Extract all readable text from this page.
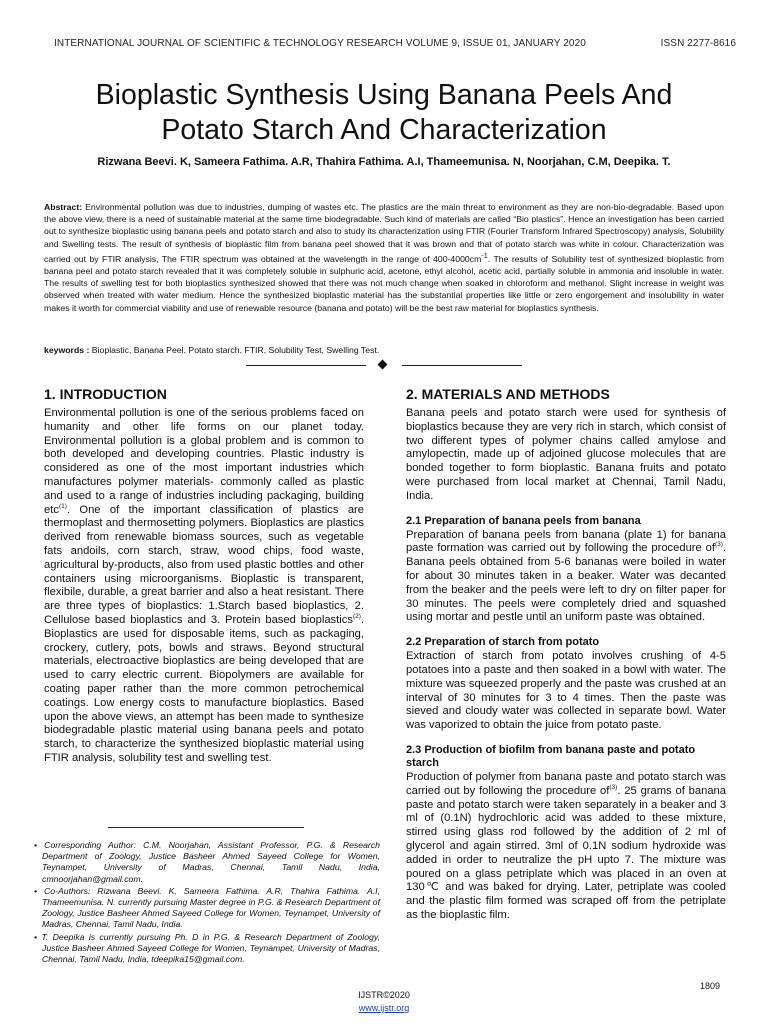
INTERNATIONAL JOURNAL OF SCIENTIFIC & TECHNOLOGY RESEARCH VOLUME 9, ISSUE 01, JANUARY 2020	ISSN 2277-8616
Bioplastic Synthesis Using Banana Peels And
Potato Starch And Characterization
Rizwana Beevi. K, Sameera Fathima. A.R, Thahira Fathima. A.I, Thameemunisa. N, Noorjahan, C.M, Deepika. T.
Abstract: Environmental pollution was due to industries, dumping of wastes etc. The plastics are the main threat to environment as they are non-bio-degradable. Based upon the above view, there is a need of sustainable material at the same time biodegradable. Such kind of materials are called “Bio plastics”. Hence an investigation has been carried out to synthesize bioplastic using banana peels and potato starch and also to study its characterization using FTIR (Fourier Transform Infrared Spectroscopy) analysis, Solubility and Swelling tests. The result of synthesis of bioplastic film from banana peel showed that it was brown and that of potato starch was white in colour. Characterization was carried out by FTIR analysis, The FTIR spectrum was obtained at the wavelength in the range of $400-4000cm^{-1}$. The results of Solubility test of synthesized bioplastic from banana peel and potato starch revealed that it was completely soluble in sulphuric acid, acetone, ethyl alcohol, acetic acid, partially soluble in ammonia and insoluble in water. The results of swelling test for both bioplastics synthesized showed that there was not much change when soaked in chloroform and methanol. Slight increase in weight was observed when treated with water medium. Hence the synthesized bioplastic material has the substantial properties like little or zero engorgement and insolubility in water makes it worth for commercial viability and use of renewable resource (banana and potato) will be the best raw material for bioplastics synthesis.
keywords : Bioplastic, Banana Peel, Potato starch, FTIR, Solubility Test, Swelling Test.
1. INTRODUCTION

Environmental pollution is one of the serious problems faced on humanity and other life forms on our planet today. Environmental pollution is a global problem and is common to both developed and developing countries. Plastic industry is considered as one of the most important industries which manufactures polymer materials- commonly called as plastic and used to a range of industries including packaging, building etc$^{(1)}$. One of the important classification of plastics are thermoplast and thermosetting polymers. Bioplastics are plastics derived from renewable biomass sources, such as vegetable fats andoils, corn starch, straw, wood chips, food waste, agricultural by-products, also from used plastic bottles and other containers using microorganisms. Bioplastic is transparent, flexibile, durable, a great barrier and also a heat resistant. There are three types of bioplastics: 1.Starch based bioplastics, 2. Cellulose based bioplastics and 3. Protein based bioplastics$^{(2)}$. Bioplastics are used for disposable items, such as packaging, crockery, cutlery, pots, bowls and straws. Beyond structural materials, electroactive bioplastics are being developed that are used to carry electric current. Biopolymers are available for coating paper rather than the more common petrochemical coatings. Low energy costs to manufacture bioplastics. Based upon the above views, an attempt has been made to synthesize biodegradable plastic material using banana peels and potato starch, to characterize the synthesized bioplastic material using FTIR analysis, solubility test and swelling test.

2. MATERIALS AND METHODS

Banana peels and potato starch were used for synthesis of bioplastics because they are very rich in starch, which consist of two different types of polymer chains called amylose and amylopectin, made up of adjoined glucose molecules that are bonded together to form bioplastic. Banana fruits and potato were purchased from local market at Chennai, Tamil Nadu, India.

2.1 Preparation of banana peels from banana

Preparation of banana peels from banana (plate 1) for banana paste formation was carried out by following the procedure $of^{(3)}$. Banana peels obtained from 5-6 bananas were boiled in water for about 30 minutes taken in a beaker. Water was decanted from the beaker and the peels were left to dry on filter paper for 30 minutes. The peels were completely dried and squashed using mortar and pestle until an uniform paste was obtained.

2.2 Preparation of starch from potato

Extraction of starch from potato involves crushing of 4-5 potatoes into a paste and then soaked in a bowl with water. The mixture was squeezed properly and the paste was crushed at an interval of 30 minutes for 3 to 4 times. Then the paste was sieved and cloudy water was collected in separate bowl. Water was vaporized to obtain the juice from potato paste.

2.3 Production of biofilm from banana paste and potato starch

Production of polymer from banana paste and potato starch was carried out by following the procedure $of^{(3)}$. 25 grams of banana paste and potato starch were taken separately in a beaker and 3 ml of (0.1N) hydrochloric acid was added to these mixture, stirred using glass rod followed by the addition of 2 ml of glycerol and again stirred. 3ml of 0.1N sodium hydroxide was added in order to neutralize the pH upto 7. The mixture was poured on a glass petriplate which was placed in an oven at 130℃ and was baked for drying. Later, petriplate was cooled and the plastic film formed was scraped off from the petriplate as the bioplastic film.

• Corresponding Author: C.M. Noorjahan, Assistant Professor, P.G. & Research Department of Zoology, Justice Basheer Ahmed Sayeed College for Women, Teynampet, University of Madras, Chennai, Tamil Nadu, India, cmnoorjahan@gmail.com.
• Co-Authors: Rizwana Beevi. K, Sameera Fathima. A.R, Thahira Fathima. A.I, Thameemunisa. N. currently pursuing Master degree in P.G. & Research Department of Zoology, Justice Basheer Ahmed Sayeed College for Women, Teynampet, University of Madras, Chennai, Tamil Nadu, India.
• T. Deepika is currently pursuing Ph. D in P.G. & Research Department of Zoology, Justice Basheer Ahmed Sayeed College for Women, Teynampet, University of Madras, Chennai, Tamil Nadu, India, tdeepika15@gmail.com.
1809
IJSTR©2020
www.ijstr.org
